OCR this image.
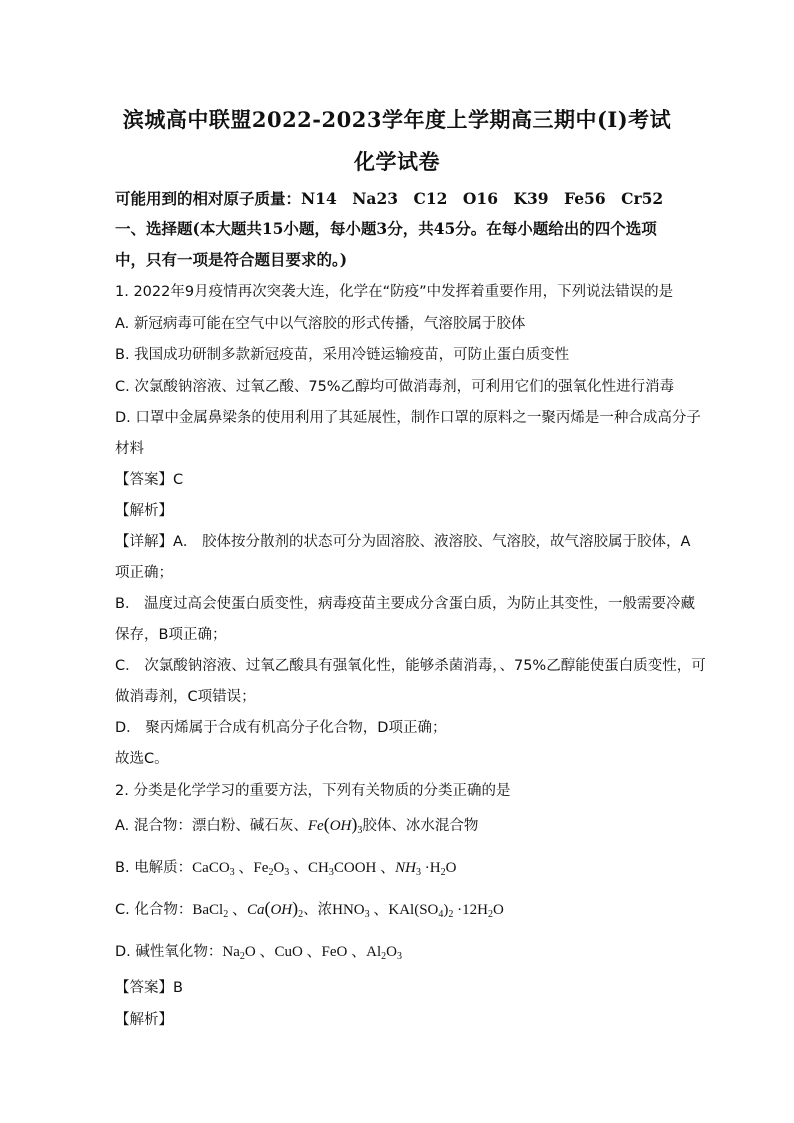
滨城高中联盟2022-2023学年度上学期高三期中(Ⅰ)考试
化学试卷
可能用到的相对原子质量：N14　Na23　C12　O16　K39　Fe56　Cr52
一、选择题(本大题共15小题，每小题3分，共45分。在每小题给出的四个选项
中，只有一项是符合题目要求的。)
1. 2022年9月疫情再次突袭大连，化学在“防疫”中发挥着重要作用，下列说法错误的是
A. 新冠病毒可能在空气中以气溶胶的形式传播，气溶胶属于胶体
B. 我国成功研制多款新冠疫苗，采用冷链运输疫苗，可防止蛋白质变性
C. 次氯酸钠溶液、过氧乙酸、75%乙醇均可做消毒剂，可利用它们的强氧化性进行消毒
D. 口罩中金属鼻梁条的使用利用了其延展性，制作口罩的原料之一聚丙烯是一种合成高分子
材料
【答案】C
【解析】
【详解】A． 胶体按分散剂的状态可分为固溶胶、液溶胶、气溶胶，故气溶胶属于胶体，A
项正确；
B． 温度过高会使蛋白质变性，病毒疫苗主要成分含蛋白质，为防止其变性，一般需要冷藏
保存，B项正确；
C． 次氯酸钠溶液、过氧乙酸具有强氧化性，能够杀菌消毒，、75%乙醇能使蛋白质变性，可
做消毒剂，C项错误；
D． 聚丙烯属于合成有机高分子化合物，D项正确；
故选C。
2. 分类是化学学习的重要方法，下列有关物质的分类正确的是
A. 混合物：漂白粉、碱石灰、$Fe(OH)_3$胶体、冰水混合物
B. 电解质：CaCO$_3$ 、$Fe_2O_3$ 、$CH_3COOH$ 、$NH_3 \cdot H_2O$
C. 化合物：BaCl$_2$ 、$Ca(OH)_2$、浓$HNO_3$ 、$KAl(SO_4)_2 \cdot 12H_2O$
D. 碱性氧化物：$Na_2O$ 、CuO 、FeO 、$Al_2O_3$
【答案】B
【解析】
